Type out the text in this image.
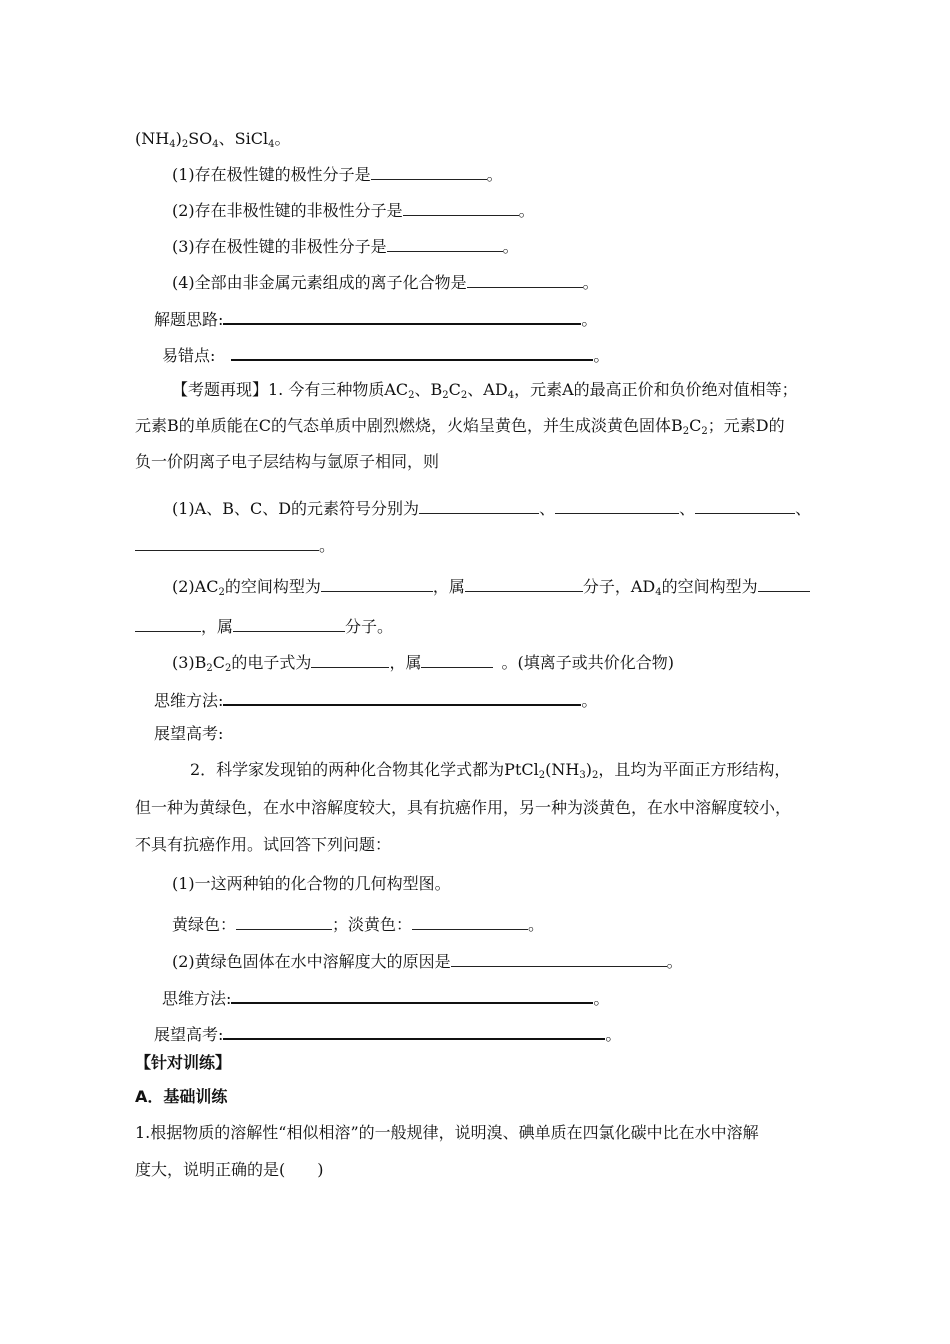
$(NH_4)_2SO_4$、SiCl$_4$。
(1)存在极性键的极性分子是	。
(2)存在非极性键的非极性分子是	。
(3)存在极性键的非极性分子是	。
(4)全部由非金属元素组成的离子化合物是	。
解题思路:	。
易错点:	。
【考题再现】1. 今有三种物质$AC_2$、$B_2C_2$、$AD_4$，元素A的最高正价和负价绝对值相等；
元素B的单质能在C的气态单质中剧烈燃烧，火焰呈黄色，并生成淡黄色固体$B_2C_2$；元素D的
负一价阴离子电子层结构与氩原子相同，则
(1)A、B、C、D的元素符号分别为	、	、	、
。
$(2)AC_2$的空间构型为	，属	分子，$AD_4$的空间构型为
，属	分子。
$(3)B_2C_2$的电子式为	，属	。(填离子或共价化合物)
思维方法:	。
展望高考:
2．科学家发现铂的两种化合物其化学式都为$PtCl_2(NH_3)_2$，且均为平面正方形结构，
但一种为黄绿色，在水中溶解度较大，具有抗癌作用，另一种为淡黄色，在水中溶解度较小，
不具有抗癌作用。试回答下列问题：
(1)一这两种铂的化合物的几何构型图。
黄绿色：	；淡黄色：	。
(2)黄绿色固体在水中溶解度大的原因是	。
思维方法:	。
展望高考:	。
【针对训练】
A．基础训练
1.根据物质的溶解性“相似相溶”的一般规律，说明溴、碘单质在四氯化碳中比在水中溶解
度大，说明正确的是(　　)
